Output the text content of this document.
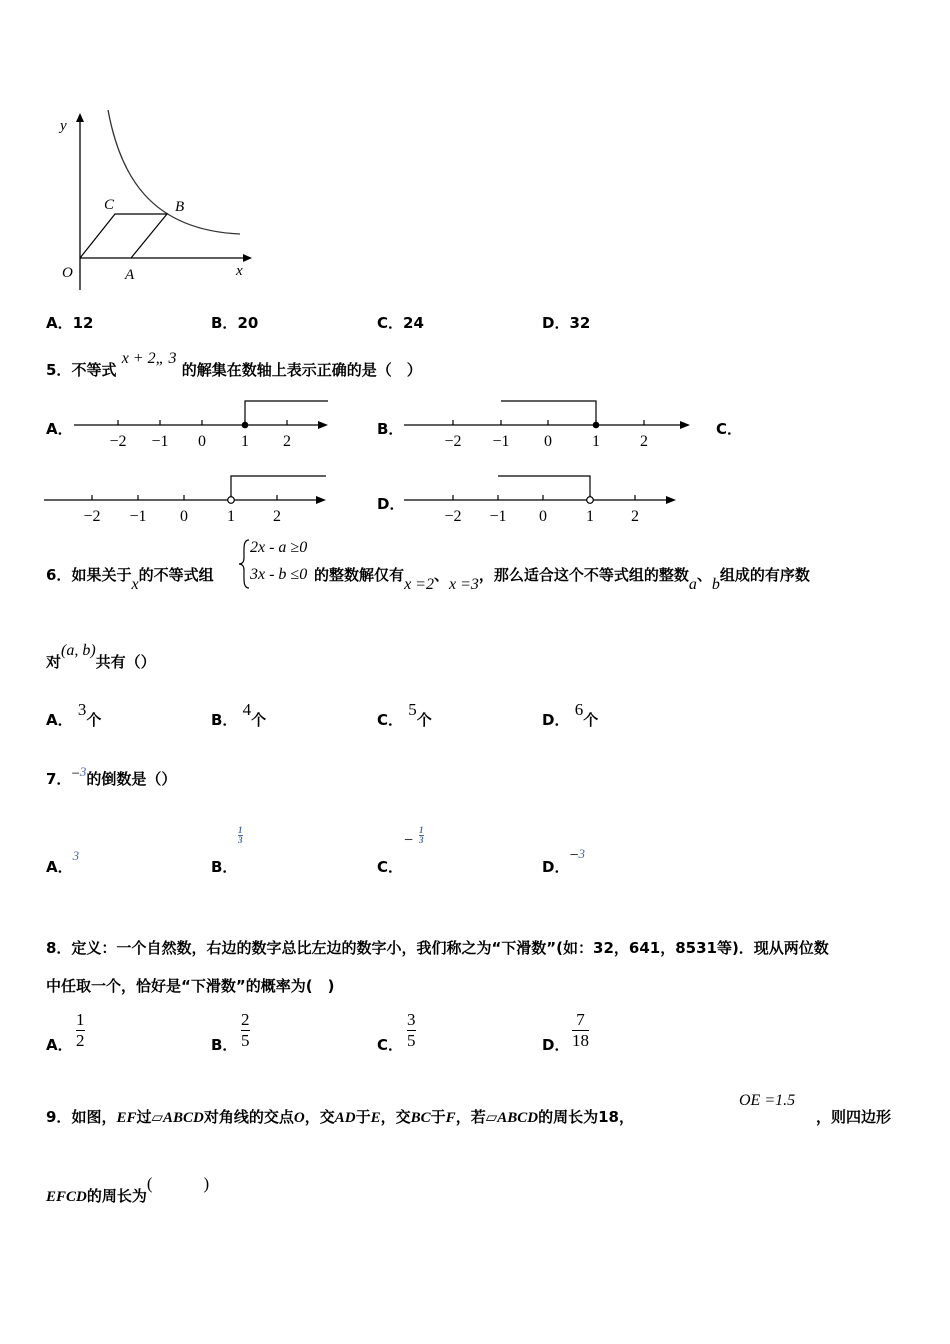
y
x
O	A
B
C
A．12	B．20	C．24	D．32
5．不等式 x + 2„ 3 的解集在数轴上表示正确的是（　）
A．
−2 −1 0 1 2
B．
−2 −1 0	1	2
C．
−2 −1 0 1 2
D．
−2 −1 0 1 2
6．如果关于x的不等式组	的整数解仅有x =2、x =3，那么适合这个不等式组的整数a、b组成的有序数
2x - a ≥0
3x - b ≤0
对(a, b)共有（）
A． 3个	B． 4个	C． 5个	D． 6个
7．−3的倒数是（）
A．3
B．
1
3
C．
−
1
3
D．−3
8．定义：一个自然数，右边的数字总比左边的数字小，我们称之为“下滑数”(如：32，641，8531等)．现从两位数
中任取一个，恰好是“下滑数”的概率为(　)
A．
1
2	B．
2
5	C．
3
5	D．
7
18
9．如图，EF过▱ABCD对角线的交点O，交AD于E，交BC于F，若▱ABCD的周长为18，
OE =1.5
，则四边形
EFCD的周长为(　　　)
